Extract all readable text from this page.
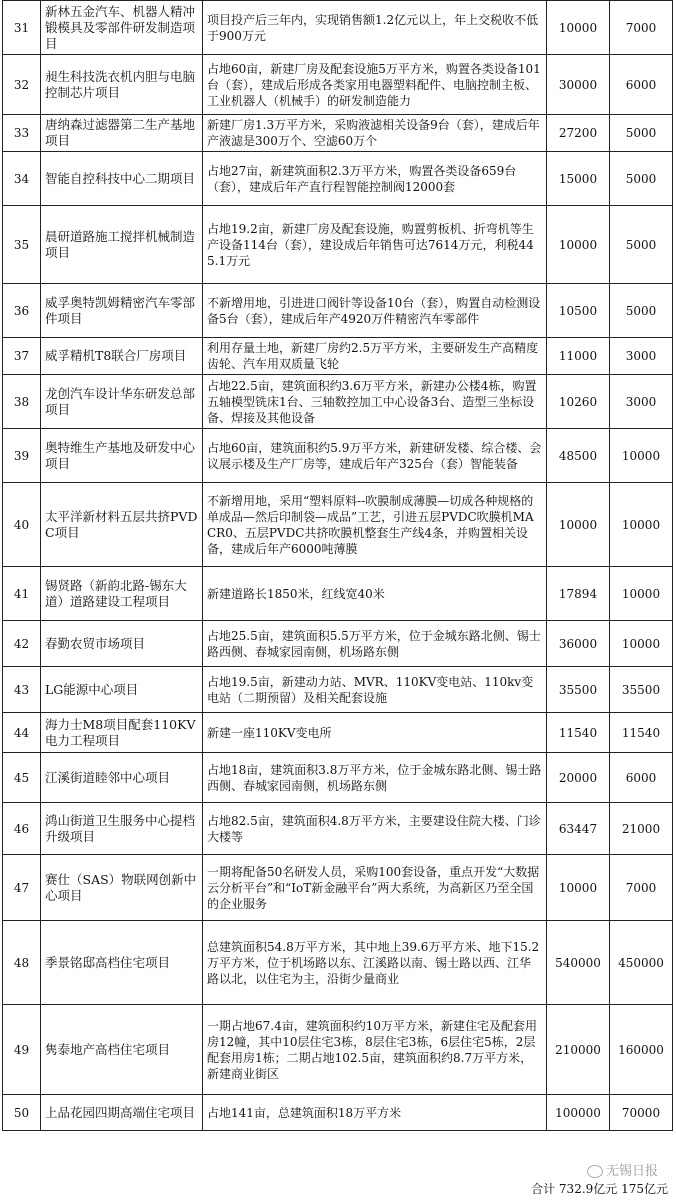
31	新林五金汽车、机器人精冲锻模具及零部件研发制造项目	项目投产后三年内，实现销售额1.2亿元以上，年上交税收不低于900万元	10000	7000
32	昶生科技洗衣机内胆与电脑控制芯片项目	占地60亩，新建厂房及配套设施5万平方米，购置各类设备101台（套），建成后形成各类家用电器塑料配件、电脑控制主板、工业机器人（机械手）的研发制造能力	30000	6000
33	唐纳森过滤器第二生产基地项目	新建厂房1.3万平方米，采购液滤相关设备9台（套），建成后年产液滤是300万个、空滤60万个	27200	5000
34	智能自控科技中心二期项目	占地27亩，新建筑面积2.3万平方米，购置各类设备659台（套），建成后年产直行程智能控制阀12000套	15000	5000
35	晨研道路施工搅拌机械制造项目	占地19.2亩，新建厂房及配套设施，购置剪板机、折弯机等生产设备114台（套），建设成后年销售可达7614万元，利税445.1万元	10000	5000
36	威孚奥特凯姆精密汽车零部件项目	不新增用地，引进进口阀针等设备10台（套），购置自动检测设备5台（套），建成后年产4920万件精密汽车零部件	10500	5000
37	威孚精机T8联合厂房项目	利用存量土地，新建厂房约2.5万平方米，主要研发生产高精度齿轮、汽车用双质量飞轮	11000	3000
38	龙创汽车设计华东研发总部项目	占地22.5亩，建筑面积约3.6万平方米，新建办公楼4栋，购置五轴模型铣床1台、三轴数控加工中心设备3台、造型三坐标设备、焊接及其他设备	10260	3000
39	奥特维生产基地及研发中心项目	占地60亩，建筑面积约5.9万平方米，新建研发楼、综合楼、会议展示楼及生产厂房等，建成后年产325台（套）智能装备	48500	10000
40	太平洋新材料五层共挤PVDC项目	不新增用地，采用“塑料原料--吹膜制成薄膜—切成各种规格的单成品—然后印制袋—成品”工艺，引进五层PVDC吹膜机MACR0、五层PVDC共挤吹膜机整套生产线4条，并购置相关设备，建成后年产6000吨薄膜	10000	10000
41	锡贤路（新韵北路-锡东大道）道路建设工程项目	新建道路长1850米，红线宽40米	17894	10000
42	春勤农贸市场项目	占地25.5亩，建筑面积5.5万平方米，位于金城东路北侧、锡士路西侧、春城家园南侧，机场路东侧	36000	10000
43	LG能源中心项目	占地19.5亩，新建动力站、MVR、110KV变电站、110kv变电站（二期预留）及相关配套设施	35500	35500
44	海力士M8项目配套110KV电力工程项目	新建一座110KV变电所	11540	11540
45	江溪街道睦邻中心项目	占地18亩，建筑面积3.8万平方米，位于金城东路北侧、锡士路西侧、春城家园南侧，机场路东侧	20000	6000
46	鸿山街道卫生服务中心提档升级项目	占地82.5亩，建筑面积4.8万平方米，主要建设住院大楼、门诊大楼等	63447	21000
47	赛仕（SAS）物联网创新中心项目	一期将配备50名研发人员，采购100套设备，重点开发“大数据云分析平台”和“IoT新金融平台”两大系统，为高新区乃至全国的企业服务	10000	7000
48	季景铭邸高档住宅项目	总建筑面积54.8万平方米，其中地上39.6万平方米、地下15.2万平方米，位于机场路以东、江溪路以南、锡士路以西、江华路以北，以住宅为主，沿街少量商业	540000	450000
49	隽泰地产高档住宅项目	一期占地67.4亩，建筑面积约10万平方米，新建住宅及配套用房12幢，其中10层住宅3栋，8层住宅3栋，6层住宅5栋，2层配套用房1栋；二期占地102.5亩，建筑面积约8.7万平方米，新建商业街区	210000	160000
50	上品花园四期高端住宅项目	占地141亩，总建筑面积18万平方米	100000	70000
无锡日报
合计 732.9亿元 175亿元
